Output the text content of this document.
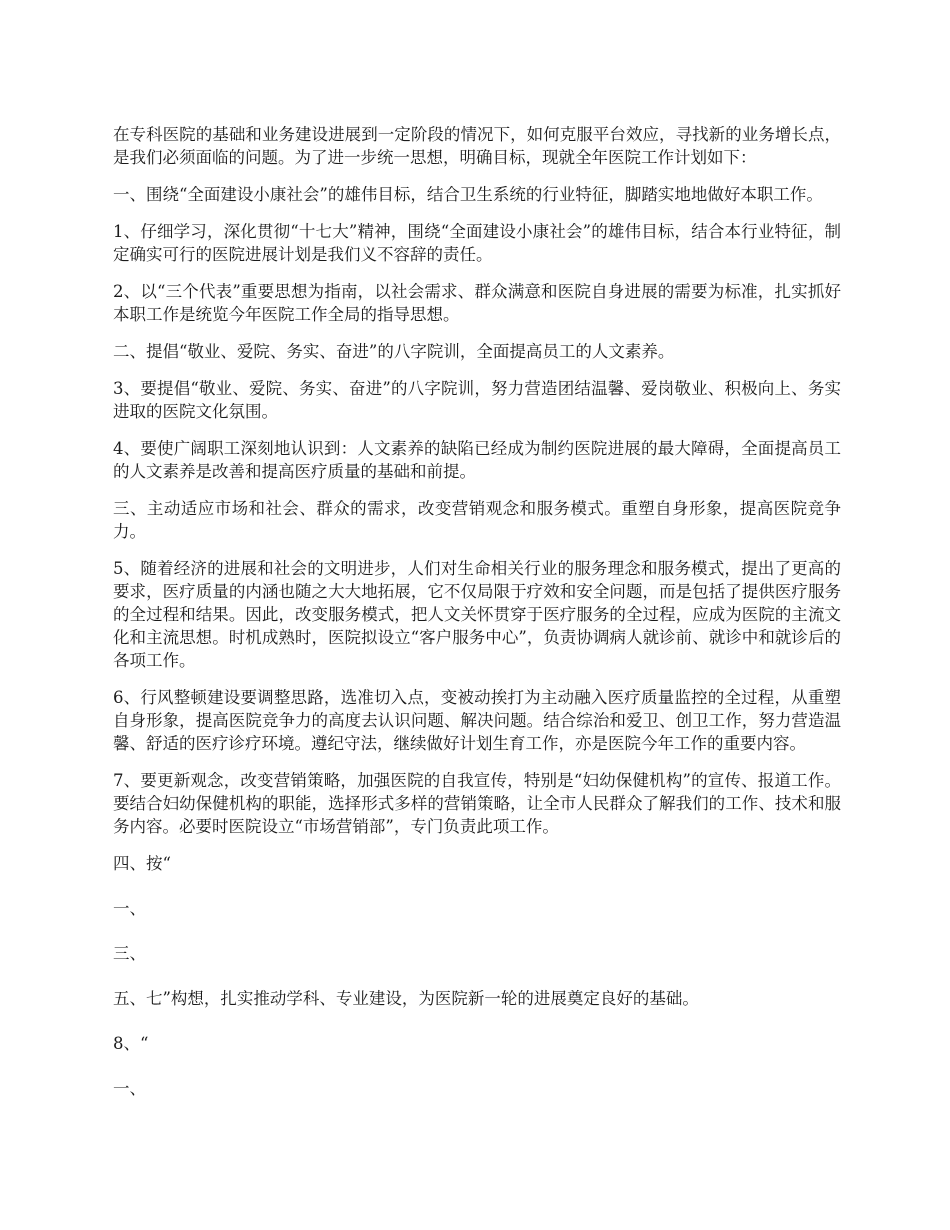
在专科医院的基础和业务建设进展到一定阶段的情况下，如何克服平台效应，寻找新的业务增长点，是我们必须面临的问题。为了进一步统一思想，明确目标，现就全年医院工作计划如下：

一、围绕“全面建设小康社会”的雄伟目标，结合卫生系统的行业特征，脚踏实地地做好本职工作。

1、仔细学习，深化贯彻“十七大”精神，围绕“全面建设小康社会”的雄伟目标，结合本行业特征，制定确实可行的医院进展计划是我们义不容辞的责任。

2、以“三个代表”重要思想为指南，以社会需求、群众满意和医院自身进展的需要为标准，扎实抓好本职工作是统览今年医院工作全局的指导思想。

二、提倡“敬业、爱院、务实、奋进”的八字院训，全面提高员工的人文素养。

3、要提倡“敬业、爱院、务实、奋进”的八字院训，努力营造团结温馨、爱岗敬业、积极向上、务实进取的医院文化氛围。

4、要使广阔职工深刻地认识到：人文素养的缺陷已经成为制约医院进展的最大障碍，全面提高员工的人文素养是改善和提高医疗质量的基础和前提。

三、主动适应市场和社会、群众的需求，改变营销观念和服务模式。重塑自身形象，提高医院竞争力。

5、随着经济的进展和社会的文明进步，人们对生命相关行业的服务理念和服务模式，提出了更高的要求，医疗质量的内涵也随之大大地拓展，它不仅局限于疗效和安全问题，而是包括了提供医疗服务的全过程和结果。因此，改变服务模式，把人文关怀贯穿于医疗服务的全过程，应成为医院的主流文化和主流思想。时机成熟时，医院拟设立“客户服务中心”，负责协调病人就诊前、就诊中和就诊后的各项工作。

6、行风整顿建设要调整思路，选准切入点，变被动挨打为主动融入医疗质量监控的全过程，从重塑自身形象，提高医院竞争力的高度去认识问题、解决问题。结合综治和爱卫、创卫工作，努力营造温馨、舒适的医疗诊疗环境。遵纪守法，继续做好计划生育工作，亦是医院今年工作的重要内容。

7、要更新观念，改变营销策略，加强医院的自我宣传，特别是“妇幼保健机构”的宣传、报道工作。要结合妇幼保健机构的职能，选择形式多样的营销策略，让全市人民群众了解我们的工作、技术和服务内容。必要时医院设立“市场营销部”，专门负责此项工作。

四、按“

一、

三、

五、七”构想，扎实推动学科、专业建设，为医院新一轮的进展奠定良好的基础。

8、“

一、
